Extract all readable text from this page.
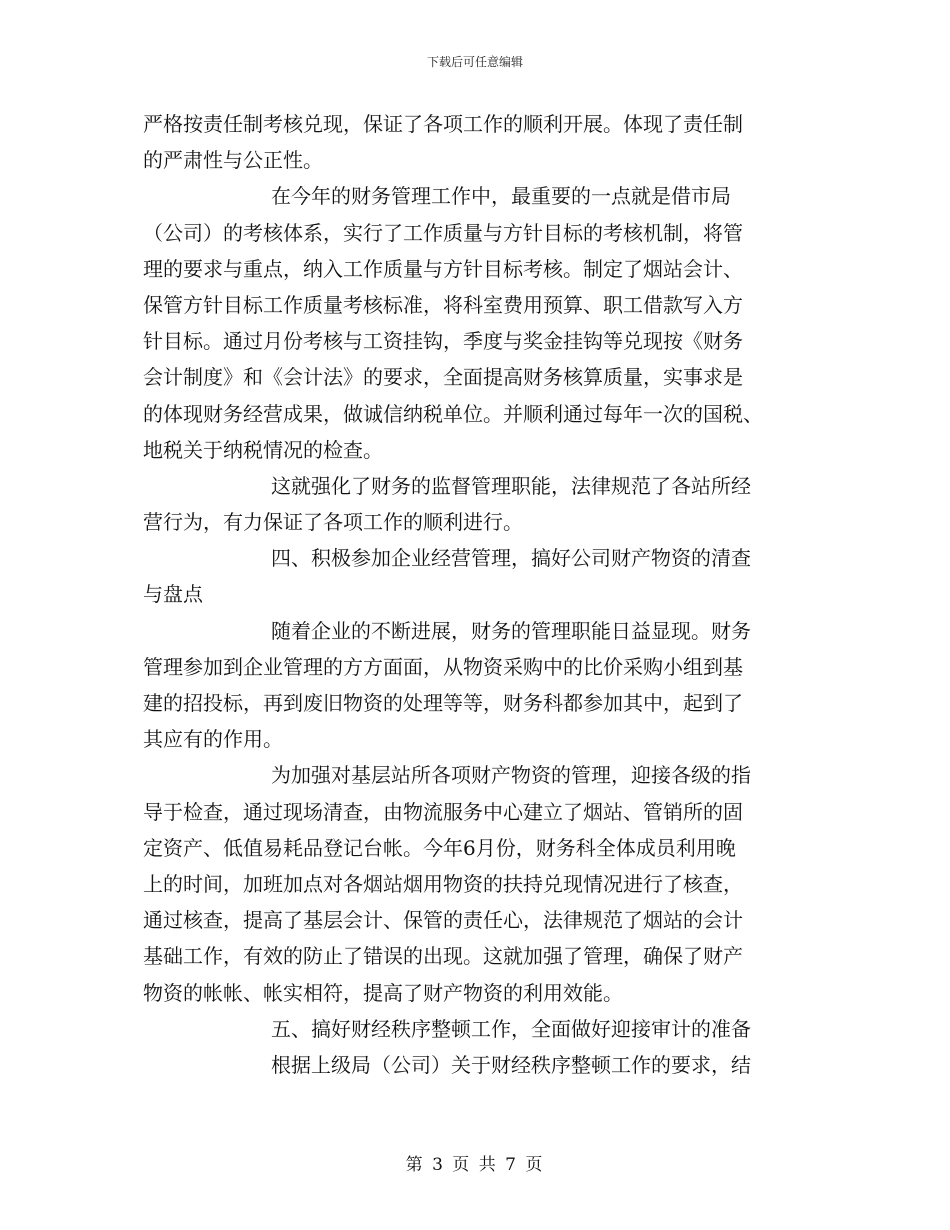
下载后可任意编辑
严格按责任制考核兑现，保证了各项工作的顺利开展。体现了责任制
的严肃性与公正性。
在今年的财务管理工作中，最重要的一点就是借市局
（公司）的考核体系，实行了工作质量与方针目标的考核机制，将管
理的要求与重点，纳入工作质量与方针目标考核。制定了烟站会计、
保管方针目标工作质量考核标准，将科室费用预算、职工借款写入方
针目标。通过月份考核与工资挂钩，季度与奖金挂钩等兑现按《财务
会计制度》和《会计法》的要求，全面提高财务核算质量，实事求是
的体现财务经营成果，做诚信纳税单位。并顺利通过每年一次的国税、
地税关于纳税情况的检查。
这就强化了财务的监督管理职能，法律规范了各站所经
营行为，有力保证了各项工作的顺利进行。
四、积极参加企业经营管理，搞好公司财产物资的清查
与盘点
随着企业的不断进展，财务的管理职能日益显现。财务
管理参加到企业管理的方方面面，从物资采购中的比价采购小组到基
建的招投标，再到废旧物资的处理等等，财务科都参加其中，起到了
其应有的作用。
为加强对基层站所各项财产物资的管理，迎接各级的指
导于检查，通过现场清查，由物流服务中心建立了烟站、管销所的固
定资产、低值易耗品登记台帐。今年6月份，财务科全体成员利用晚
上的时间，加班加点对各烟站烟用物资的扶持兑现情况进行了核查，
通过核查，提高了基层会计、保管的责任心，法律规范了烟站的会计
基础工作，有效的防止了错误的出现。这就加强了管理，确保了财产
物资的帐帐、帐实相符，提高了财产物资的利用效能。
五、搞好财经秩序整顿工作，全面做好迎接审计的准备
根据上级局（公司）关于财经秩序整顿工作的要求，结
第 3 页 共 7 页
